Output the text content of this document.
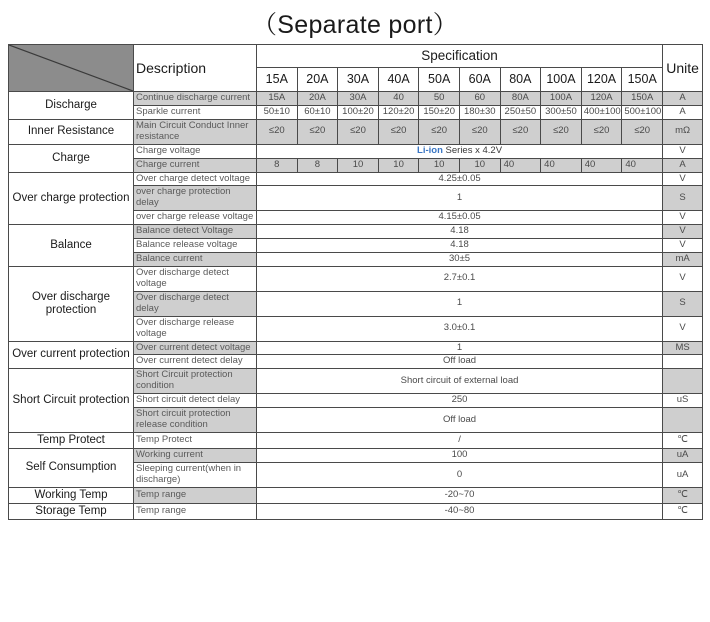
（Separate port）
	Description	Specification										Unite
		15A	20A	30A	40A	50A	60A	80A	100A	120A	150A	
Discharge	Continue discharge current	15A	20A	30A	40	50	60	80A	100A	120A	150A	A
	Sparkle current	50±10	60±10	100±20	120±20	150±20	180±30	250±50	300±50	400±100	500±100	A
Inner Resistance	Main Circuit Conduct Inner resistance	≤20	≤20	≤20	≤20	≤20	≤20	≤20	≤20	≤20	≤20	mΩ
Charge	Charge voltage	Li-ion Series x 4.2V										V
	Charge current	8	8	10	10	10	10	40	40	40	40	A
Over charge protection	Over charge detect voltage	4.25±0.05										V
	over charge protection delay	1										S
	over charge release voltage	4.15±0.05										V
Balance	Balance detect Voltage	4.18										V
	Balance release voltage	4.18										V
	Balance current	30±5										mA
Over discharge protection	Over discharge detect voltage	2.7±0.1										V
	Over discharge detect delay	1										S
	Over discharge release voltage	3.0±0.1										V
Over current protection	Over current detect voltage	1										MS
	Over current detect delay	Off load										
Short Circuit protection	Short Circuit protection condition	Short circuit of external load										
	Short circuit detect delay	250										uS
	Short circuit protection release condition	Off load										
Temp Protect	Temp Protect	/										℃
Self Consumption	Working current	100										uA
	Sleeping current(when in discharge)	0										uA
Working Temp	Temp range	-20~70										℃
Storage Temp	Temp range	-40~80										℃
